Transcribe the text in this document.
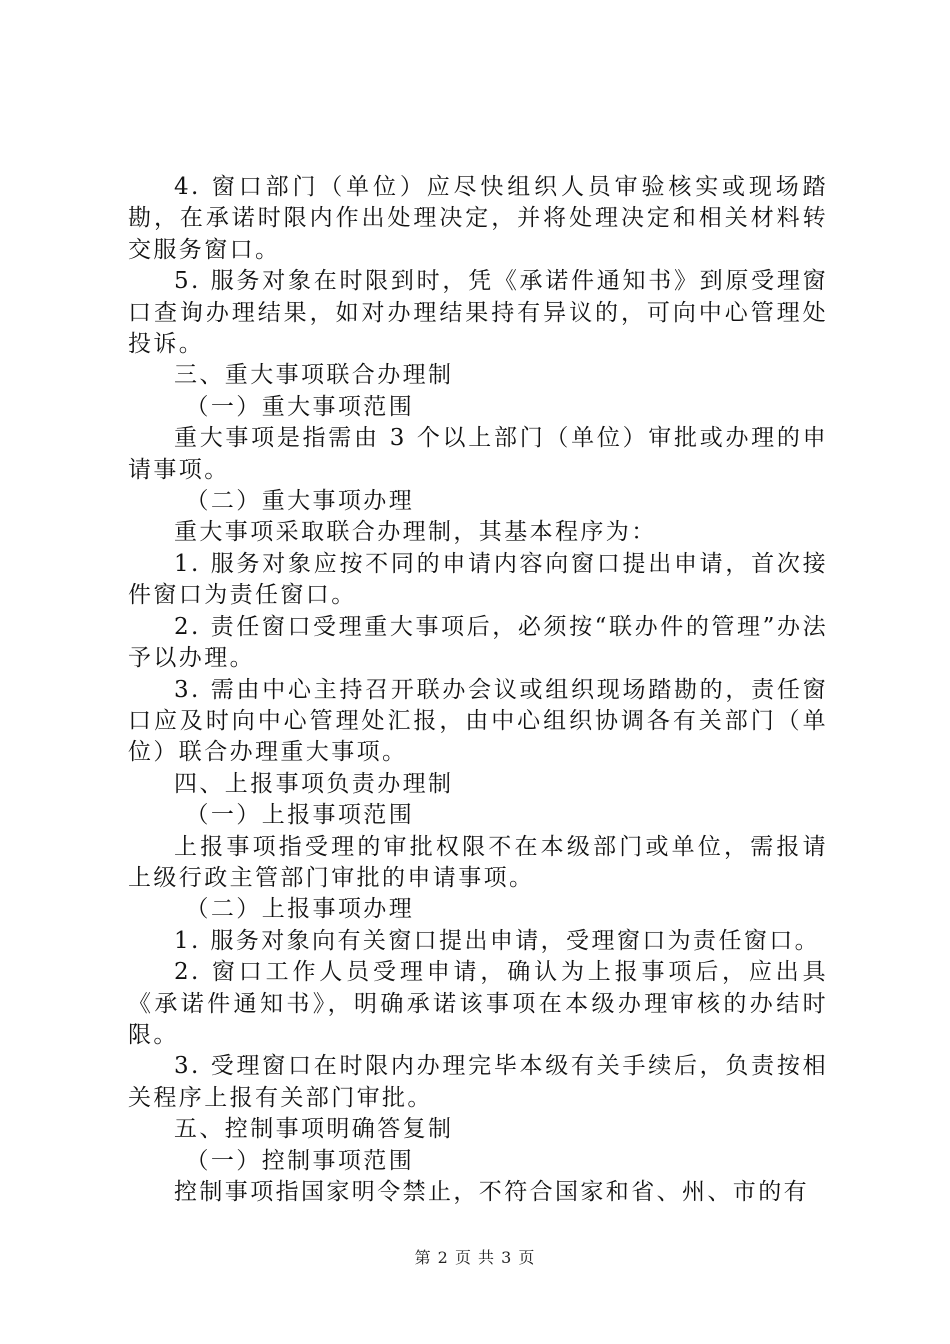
4. 窗口部门（单位）应尽快组织人员审验核实或现场踏勘，在承诺时限内作出处理决定，并将处理决定和相关材料转交服务窗口。

5. 服务对象在时限到时，凭《承诺件通知书》到原受理窗口查询办理结果，如对办理结果持有异议的，可向中心管理处投诉。

三、重大事项联合办理制

（一）重大事项范围

重大事项是指需由 3 个以上部门（单位）审批或办理的申请事项。

（二）重大事项办理

重大事项采取联合办理制，其基本程序为：

1. 服务对象应按不同的申请内容向窗口提出申请，首次接件窗口为责任窗口。

2. 责任窗口受理重大事项后，必须按“联办件的管理”办法予以办理。

3. 需由中心主持召开联办会议或组织现场踏勘的，责任窗口应及时向中心管理处汇报，由中心组织协调各有关部门（单位）联合办理重大事项。

四、上报事项负责办理制

（一）上报事项范围

上报事项指受理的审批权限不在本级部门或单位，需报请上级行政主管部门审批的申请事项。

（二）上报事项办理

1. 服务对象向有关窗口提出申请，受理窗口为责任窗口。

2. 窗口工作人员受理申请，确认为上报事项后，应出具《承诺件通知书》，明确承诺该事项在本级办理审核的办结时限。

3. 受理窗口在时限内办理完毕本级有关手续后，负责按相关程序上报有关部门审批。

五、控制事项明确答复制

（一）控制事项范围

控制事项指国家明令禁止，不符合国家和省、州、市的有

第 2 页 共 3 页
